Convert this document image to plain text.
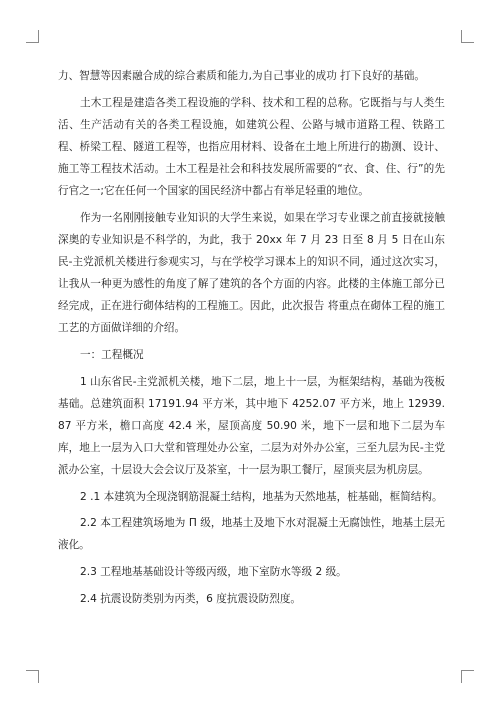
力、智慧等因素融合成的综合素质和能力,为自己事业的成功 打下良好的基础。

土木工程是建造各类工程设施的学科、技术和工程的总称。它既指与与人类生活、生产活动有关的各类工程设施，如建筑公程、公路与城市道路工程、铁路工程、桥梁工程、隧道工程等，也指应用材料、设备在土地上所进行的勘测、设计、施工等工程技术活动。土木工程是社会和科技发展所需要的“衣、食、住、行”的先行官之一;它在任何一个国家的国民经济中都占有举足轻重的地位。

作为一名刚刚接触专业知识的大学生来说，如果在学习专业课之前直接就接触深奥的专业知识是不科学的，为此，我于 20xx 年 7 月 23 日至 8 月 5 日在山东民-主党派机关楼进行参观实习，与在学校学习课本上的知识不同，通过这次实习，让我从一种更为感性的角度了解了建筑的各个方面的内容。此楼的主体施工部分已经完成，正在进行砌体结构的工程施工。因此，此次报告 将重点在砌体工程的施工工艺的方面做详细的介绍。

一：工程概况

1 山东省民-主党派机关楼，地下二层，地上十一层，为框架结构，基础为筏板基础。总建筑面积 17191.94 平方米，其中地下 4252.07 平方米，地上 12939.87 平方米，檐口高度 42.4 米，屋顶高度 50.90 米，地下一层和地下二层为车库，地上一层为入口大堂和管理处办公室，二层为对外办公室，三至九层为民-主党派办公室，十层设大会会议厅及茶室，十一层为职工餐厅，屋顶夹层为机房层。

2 .1 本建筑为全现浇钢筋混凝土结构，地基为天然地基，桩基础，框简结构。

2.2 本工程建筑场地为 Π 级，地基土及地下水对混凝土无腐蚀性，地基土层无液化。

2.3 工程地基基础设计等级丙级，地下室防水等级 2 级。

2.4 抗震设防类别为丙类，6 度抗震设防烈度。
